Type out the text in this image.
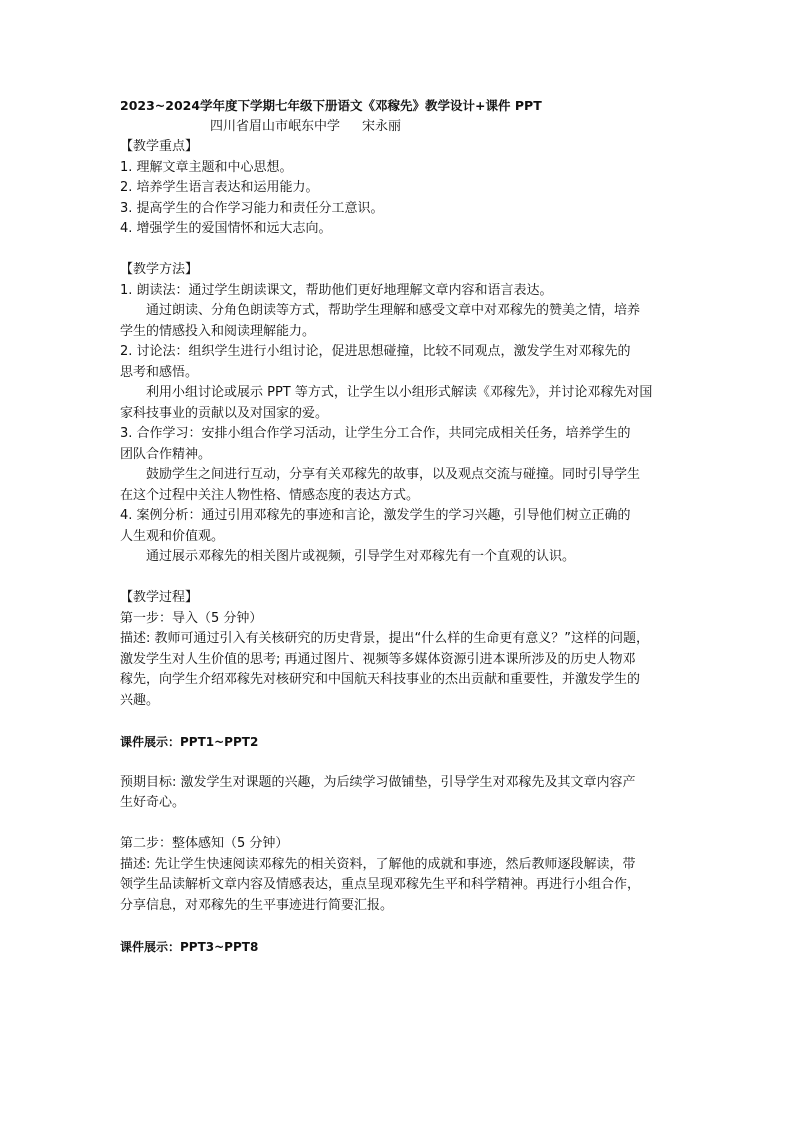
2023~2024学年度下学期七年级下册语文《邓稼先》教学设计+课件 PPT
四川省眉山市岷东中学 宋永丽
【教学重点】
1. 理解文章主题和中心思想。
2. 培养学生语言表达和运用能力。
3. 提高学生的合作学习能力和责任分工意识。
4. 增强学生的爱国情怀和远大志向。
【教学方法】
1. 朗读法：通过学生朗读课文，帮助他们更好地理解文章内容和语言表达。
通过朗读、分角色朗读等方式，帮助学生理解和感受文章中对邓稼先的赞美之情，培养
学生的情感投入和阅读理解能力。
2. 讨论法：组织学生进行小组讨论，促进思想碰撞，比较不同观点，激发学生对邓稼先的
思考和感悟。
利用小组讨论或展示 PPT 等方式，让学生以小组形式解读《邓稼先》，并讨论邓稼先对国
家科技事业的贡献以及对国家的爱。
3. 合作学习：安排小组合作学习活动，让学生分工合作，共同完成相关任务，培养学生的
团队合作精神。
鼓励学生之间进行互动，分享有关邓稼先的故事，以及观点交流与碰撞。同时引导学生
在这个过程中关注人物性格、情感态度的表达方式。
4. 案例分析：通过引用邓稼先的事迹和言论，激发学生的学习兴趣，引导他们树立正确的
人生观和价值观。
通过展示邓稼先的相关图片或视频，引导学生对邓稼先有一个直观的认识。
【教学过程】
第一步：导入（5 分钟）
描述: 教师可通过引入有关核研究的历史背景，提出“什么样的生命更有意义？”这样的问题，
激发学生对人生价值的思考; 再通过图片、视频等多媒体资源引进本课所涉及的历史人物邓
稼先，向学生介绍邓稼先对核研究和中国航天科技事业的杰出贡献和重要性，并激发学生的
兴趣。
课件展示：PPT1~PPT2
预期目标: 激发学生对课题的兴趣，为后续学习做铺垫，引导学生对邓稼先及其文章内容产
生好奇心。
第二步：整体感知（5 分钟）
描述: 先让学生快速阅读邓稼先的相关资料，了解他的成就和事迹，然后教师逐段解读，带
领学生品读解析文章内容及情感表达，重点呈现邓稼先生平和科学精神。再进行小组合作，
分享信息，对邓稼先的生平事迹进行简要汇报。
课件展示：PPT3~PPT8
